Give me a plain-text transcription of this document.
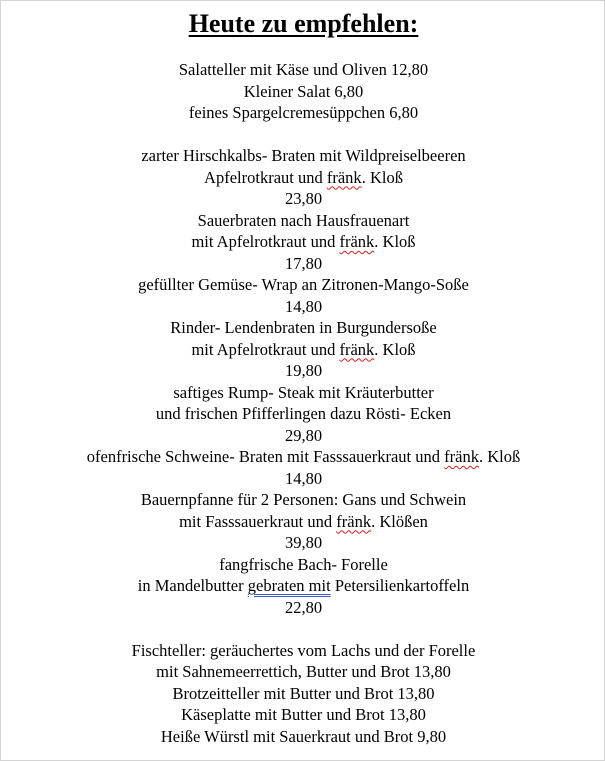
Heute zu empfehlen:
Salatteller mit Käse und Oliven 12,80
Kleiner Salat 6,80
feines Spargelcremesüppchen 6,80
zarter Hirschkalbs- Braten mit Wildpreiselbeeren
Apfelrotkraut und fränk. Kloß
23,80
Sauerbraten nach Hausfrauenart
mit Apfelrotkraut und fränk. Kloß
17,80
gefüllter Gemüse- Wrap an Zitronen-Mango-Soße
14,80
Rinder- Lendenbraten in Burgundersoße
mit Apfelrotkraut und fränk. Kloß
19,80
saftiges Rump- Steak mit Kräuterbutter
und frischen Pfifferlingen dazu Rösti- Ecken
29,80
ofenfrische Schweine- Braten mit Fasssauerkraut und fränk. Kloß
14,80
Bauernpfanne für 2 Personen: Gans und Schwein
mit Fasssauerkraut und fränk. Klößen
39,80
fangfrische Bach- Forelle
in Mandelbutter gebraten mit Petersilienkartoffeln
22,80
Fischteller: geräuchertes vom Lachs und der Forelle
mit Sahnemeerrettich, Butter und Brot 13,80
Brotzeitteller mit Butter und Brot 13,80
Käseplatte mit Butter und Brot 13,80
Heiße Würstl mit Sauerkraut und Brot 9,80
